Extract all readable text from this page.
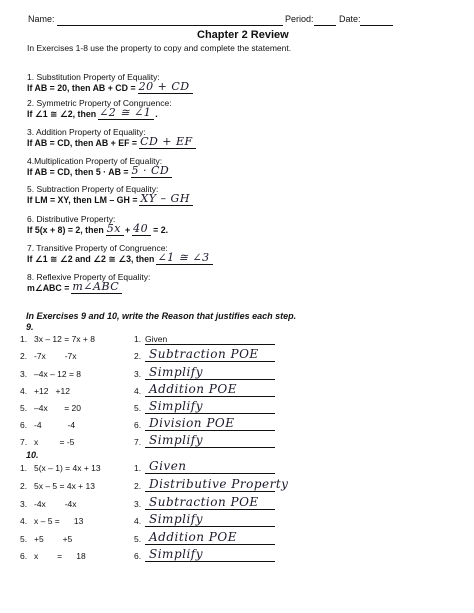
Name:	Period:	Date:
Chapter 2 Review
In Exercises 1-8 use the property to copy and complete the statement.
1. Substitution Property of Equality:
If AB = 20, then AB + CD = 20 + CD
2. Symmetric Property of Congruence:
If ∠1 ≅ ∠2, then ∠2 ≅ ∠1 .
3. Addition Property of Equality:
If AB = CD, then AB + EF = CD + EF
4.Multiplication Property of Equality:
If AB = CD, then 5 · AB = 5 · CD
5. Subtraction Property of Equality:
If LM = XY, then LM – GH = XY – GH
6. Distributive Property:
If 5(x + 8) = 2, then 5x + 40 = 2.
7. Transitive Property of Congruence:
If ∠1 ≅ ∠2 and ∠2 ≅ ∠3, then ∠1 ≅ ∠3
8. Reflexive Property of Equality:
m∠ABC = m∠ABC
In Exercises 9 and 10, write the Reason that justifies each step.
9.
1. 3x – 12 = 7x + 8	1. Given
2. -7x        -7x	2. Subtraction POE
3. –4x – 12 = 8	3. Simplify
4. +12   +12	4. Addition POE
5. –4x       = 20	5. Simplify
6. -4           -4	6. Division POE
7. x         = -5	7. Simplify
10.
1. 5(x – 1) = 4x + 13	1. Given
2. 5x – 5 = 4x + 13	2. Distributive Property
3. -4x        -4x	3. Subtraction POE
4. x – 5 =      13	4. Simplify
5. +5        +5	5. Addition POE
6. x        =      18	6. Simplify
